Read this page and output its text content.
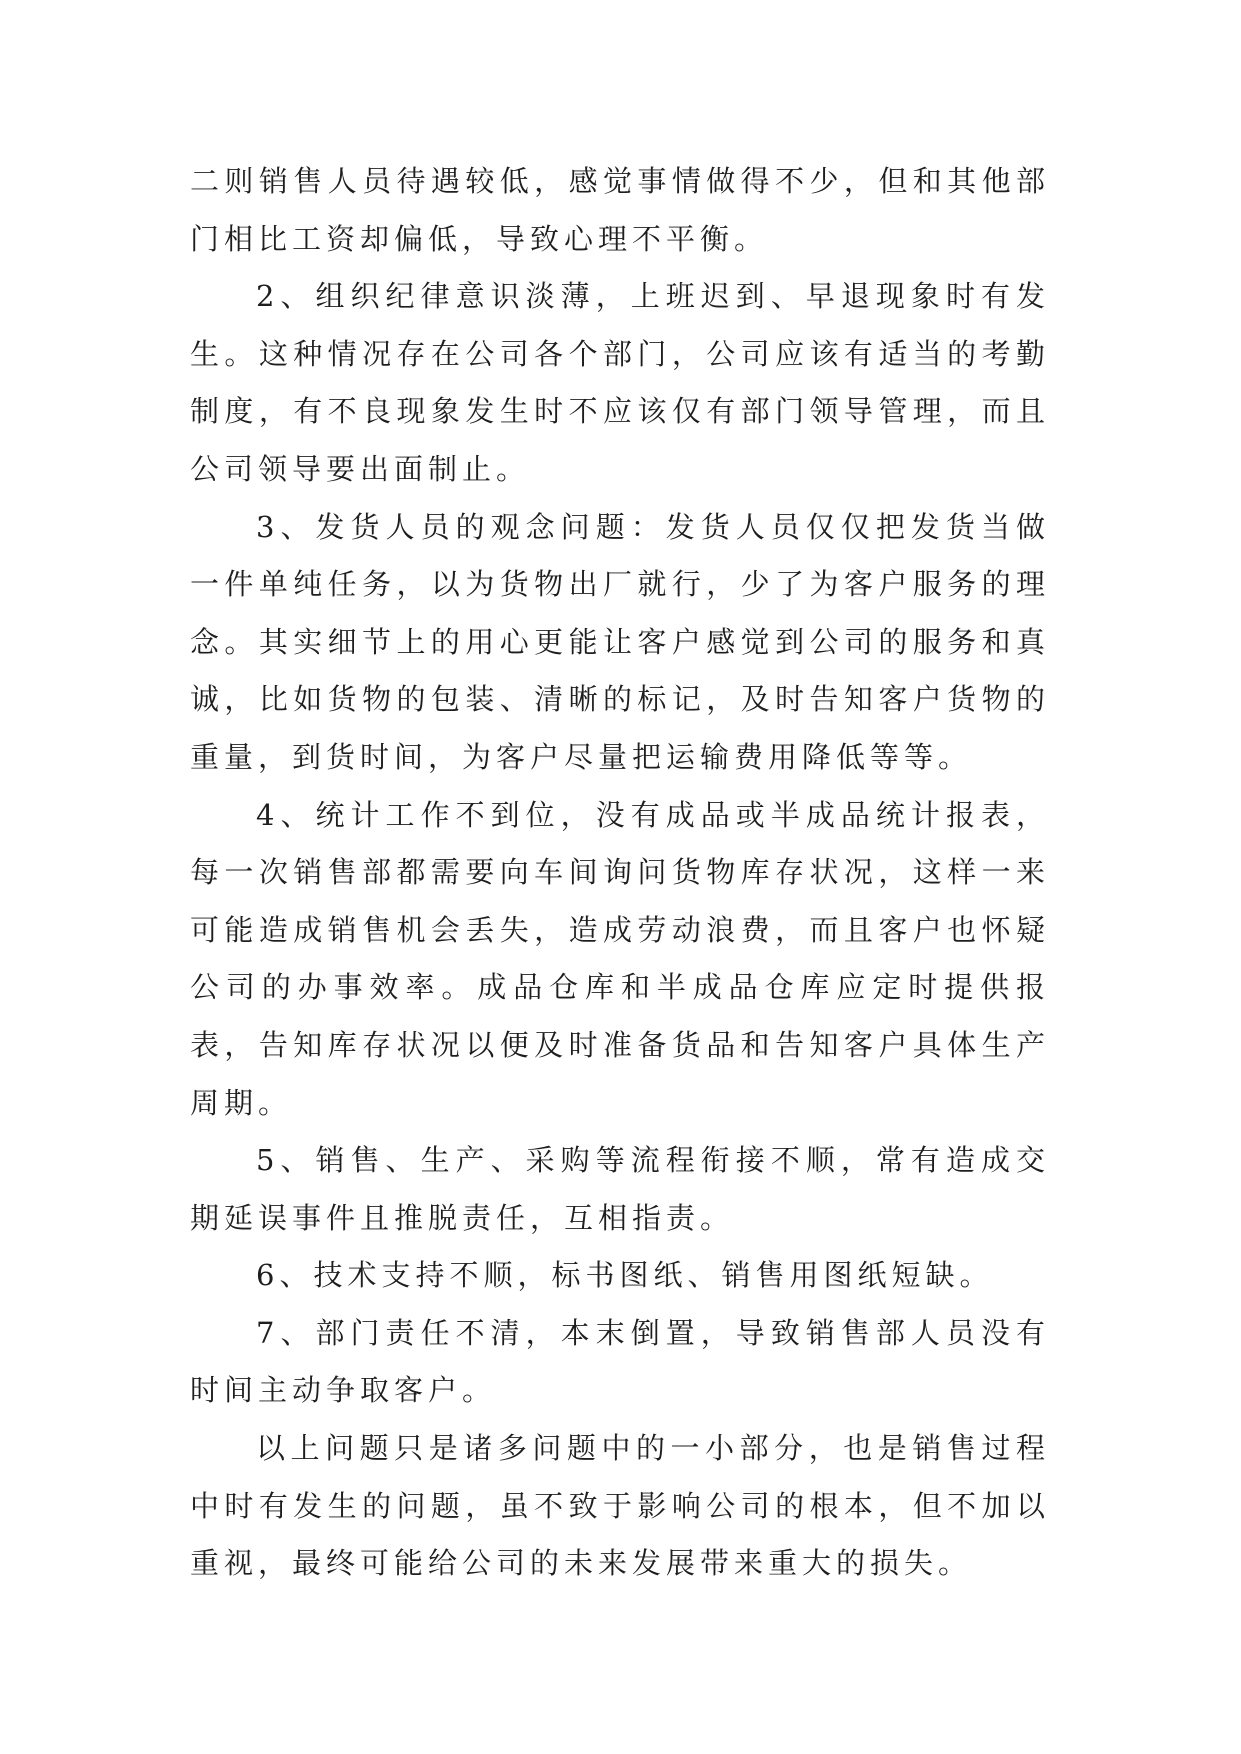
二则销售人员待遇较低，感觉事情做得不少，但和其他部门相比工资却偏低，导致心理不平衡。

2、组织纪律意识淡薄，上班迟到、早退现象时有发生。这种情况存在公司各个部门，公司应该有适当的考勤制度，有不良现象发生时不应该仅有部门领导管理，而且公司领导要出面制止。

3、发货人员的观念问题：发货人员仅仅把发货当做一件单纯任务，以为货物出厂就行，少了为客户服务的理念。其实细节上的用心更能让客户感觉到公司的服务和真诚，比如货物的包装、清晰的标记，及时告知客户货物的重量，到货时间，为客户尽量把运输费用降低等等。

4、统计工作不到位，没有成品或半成品统计报表，每一次销售部都需要向车间询问货物库存状况，这样一来可能造成销售机会丢失，造成劳动浪费，而且客户也怀疑公司的办事效率。成品仓库和半成品仓库应定时提供报表，告知库存状况以便及时准备货品和告知客户具体生产周期。

5、销售、生产、采购等流程衔接不顺，常有造成交期延误事件且推脱责任，互相指责。

6、技术支持不顺，标书图纸、销售用图纸短缺。

7、部门责任不清，本末倒置，导致销售部人员没有时间主动争取客户。

以上问题只是诸多问题中的一小部分，也是销售过程中时有发生的问题，虽不致于影响公司的根本，但不加以重视，最终可能给公司的未来发展带来重大的损失。
